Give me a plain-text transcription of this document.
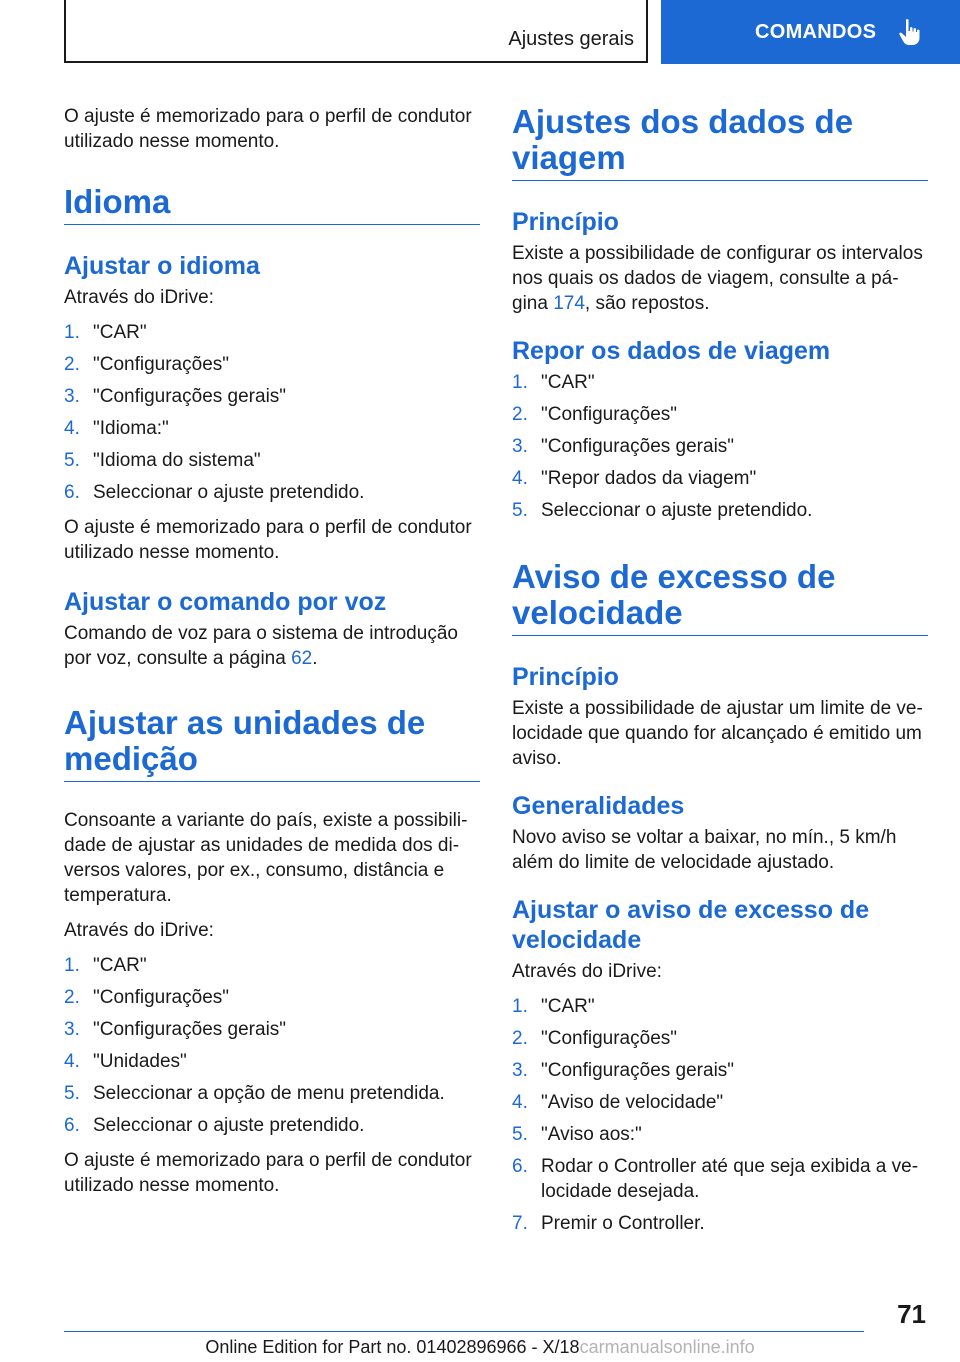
Ajustes gerais	COMANDOS

O ajuste é memorizado para o perfil de condutor utilizado nesse momento.

Idioma
Ajustar o idioma

Através do iDrive:

1. "CAR"
2. "Configurações"
3. "Configurações gerais"
4. "Idioma:"
5. "Idioma do sistema"
6. Seleccionar o ajuste pretendido.

O ajuste é memorizado para o perfil de condutor utilizado nesse momento.

Ajustar o comando por voz

Comando de voz para o sistema de introdução por voz, consulte a página 62.

Ajustar as unidades de medição

Consoante a variante do país, existe a possibilidade de ajustar as unidades de medida dos diversos valores, por ex., consumo, distância e temperatura.

Através do iDrive:

1. "CAR"
2. "Configurações"
3. "Configurações gerais"
4. "Unidades"
5. Seleccionar a opção de menu pretendida.
6. Seleccionar o ajuste pretendido.

O ajuste é memorizado para o perfil de condutor utilizado nesse momento.

Ajustes dos dados de viagem
Princípio

Existe a possibilidade de configurar os intervalos nos quais os dados de viagem, consulte a página 174, são repostos.

Repor os dados de viagem
1. "CAR"
2. "Configurações"
3. "Configurações gerais"
4. "Repor dados da viagem"
5. Seleccionar o ajuste pretendido.
Aviso de excesso de velocidade
Princípio

Existe a possibilidade de ajustar um limite de velocidade que quando for alcançado é emitido um aviso.

Generalidades

Novo aviso se voltar a baixar, no mín., 5 km/h além do limite de velocidade ajustado.

Ajustar o aviso de excesso de velocidade

Através do iDrive:

1. "CAR"
2. "Configurações"
3. "Configurações gerais"
4. "Aviso de velocidade"
5. "Aviso aos:"
6. Rodar o Controller até que seja exibida a velocidade desejada.
7. Premir o Controller.
71
Online Edition for Part no. 01402896966 - X/18carmanualsonline.info
